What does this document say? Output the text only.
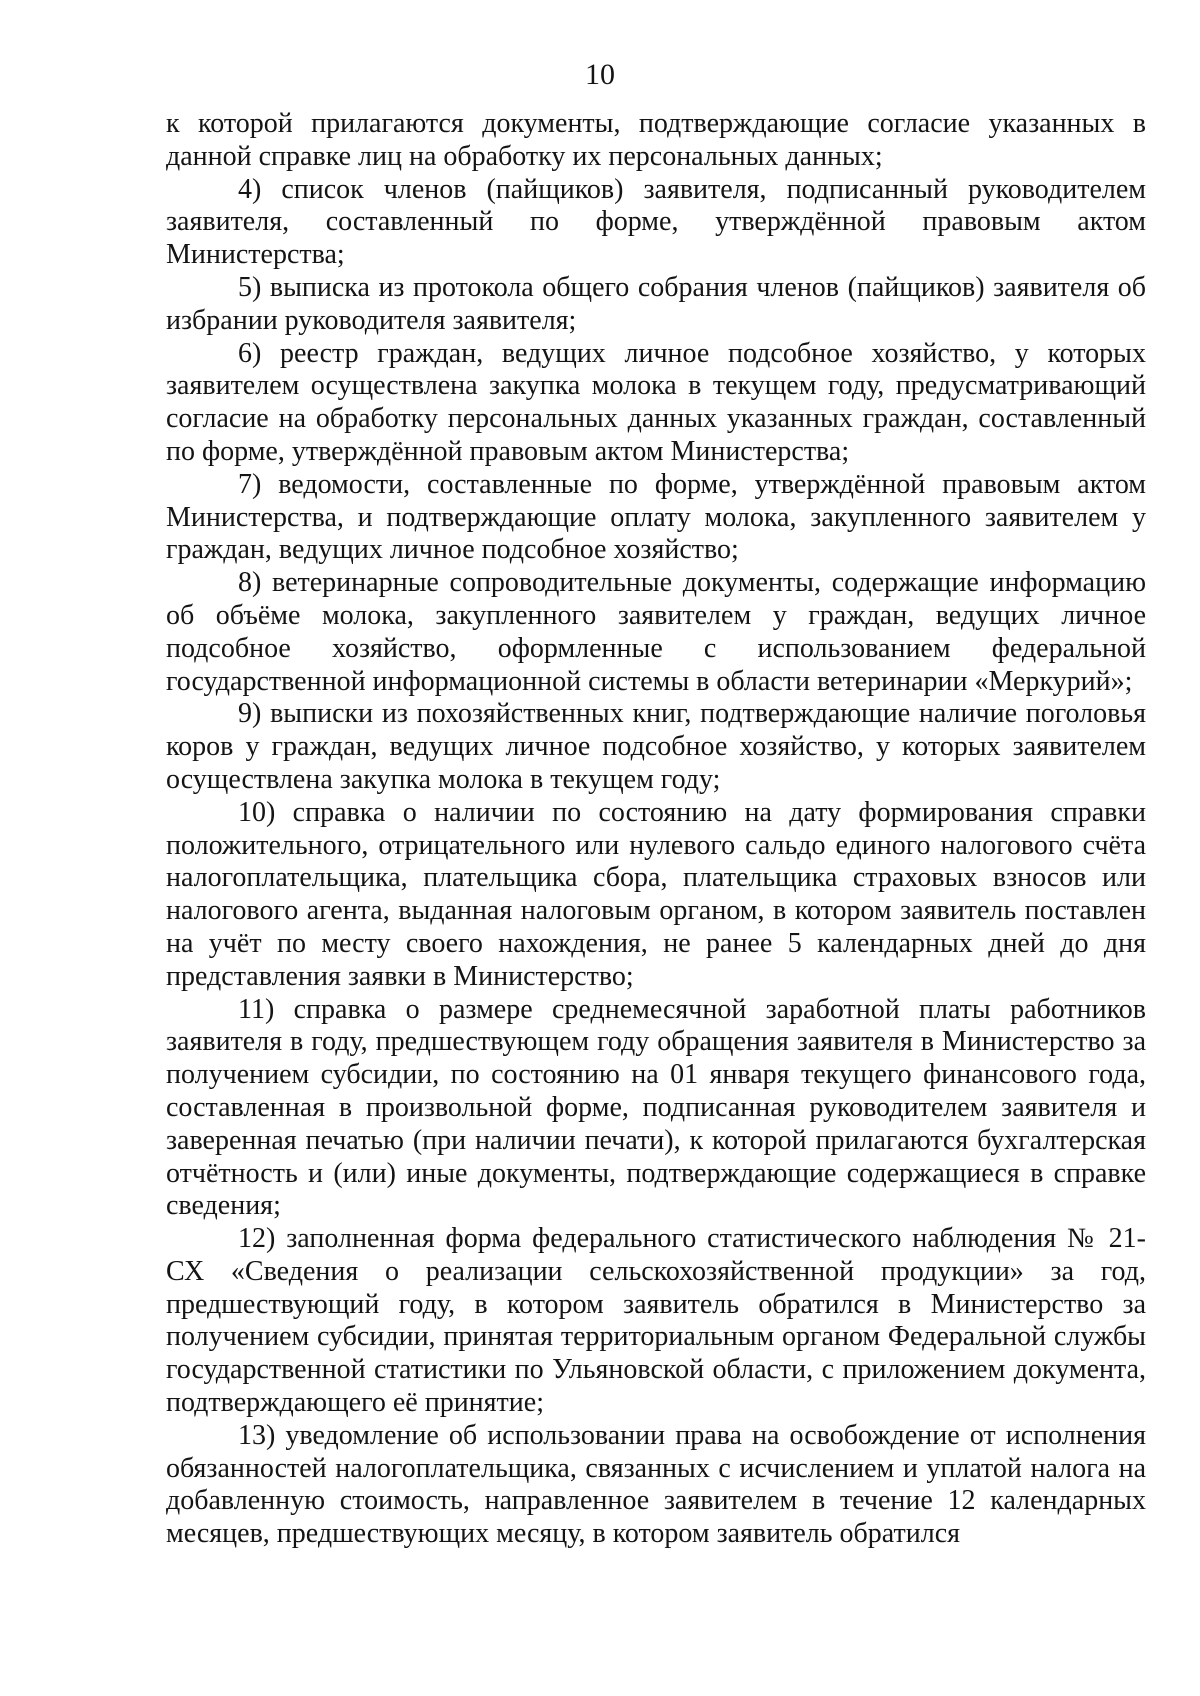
10

к которой прилагаются документы, подтверждающие согласие указанных в данной справке лиц на обработку их персональных данных;

4) список членов (пайщиков) заявителя, подписанный руководителем заявителя, составленный по форме, утверждённой правовым актом Министерства;

5) выписка из протокола общего собрания членов (пайщиков) заявителя об избрании руководителя заявителя;

6) реестр граждан, ведущих личное подсобное хозяйство, у которых заявителем осуществлена закупка молока в текущем году, предусматривающий согласие на обработку персональных данных указанных граждан, составленный по форме, утверждённой правовым актом Министерства;

7) ведомости, составленные по форме, утверждённой правовым актом Министерства, и подтверждающие оплату молока, закупленного заявителем у граждан, ведущих личное подсобное хозяйство;

8) ветеринарные сопроводительные документы, содержащие информацию об объёме молока, закупленного заявителем у граждан, ведущих личное подсобное хозяйство, оформленные с использованием федеральной государственной информационной системы в области ветеринарии «Меркурий»;

9) выписки из похозяйственных книг, подтверждающие наличие поголовья коров у граждан, ведущих личное подсобное хозяйство, у которых заявителем осуществлена закупка молока в текущем году;

10) справка о наличии по состоянию на дату формирования справки положительного, отрицательного или нулевого сальдо единого налогового счёта налогоплательщика, плательщика сбора, плательщика страховых взносов или налогового агента, выданная налоговым органом, в котором заявитель поставлен на учёт по месту своего нахождения, не ранее 5 календарных дней до дня представления заявки в Министерство;

11) справка о размере среднемесячной заработной платы работников заявителя в году, предшествующем году обращения заявителя в Министерство за получением субсидии, по состоянию на 01 января текущего финансового года, составленная в произвольной форме, подписанная руководителем заявителя и заверенная печатью (при наличии печати), к которой прилагаются бухгалтерская отчётность и (или) иные документы, подтверждающие содержащиеся в справке сведения;

12) заполненная форма федерального статистического наблюдения № 21-СХ «Сведения о реализации сельскохозяйственной продукции» за год, предшествующий году, в котором заявитель обратился в Министерство за получением субсидии, принятая территориальным органом Федеральной службы государственной статистики по Ульяновской области, с приложением документа, подтверждающего её принятие;

13) уведомление об использовании права на освобождение от исполнения обязанностей налогоплательщика, связанных с исчислением и уплатой налога на добавленную стоимость, направленное заявителем в течение 12 календарных месяцев, предшествующих месяцу, в котором заявитель обратился
